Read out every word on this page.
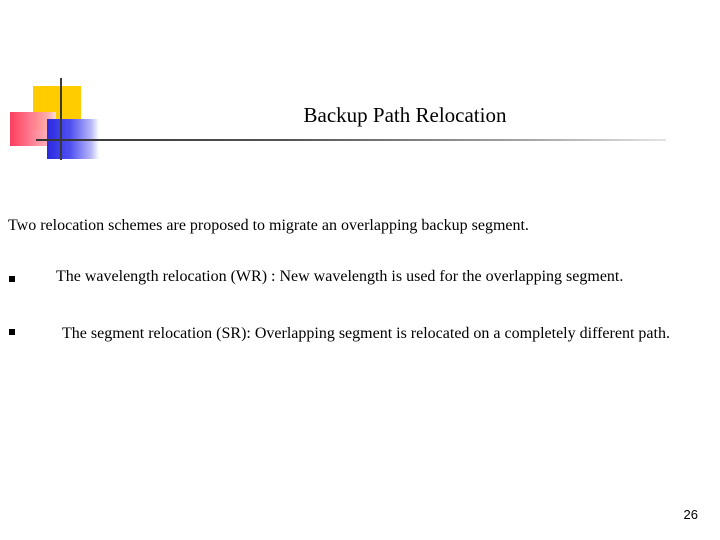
Backup Path Relocation

Two relocation schemes are proposed to migrate an overlapping backup segment.

The wavelength relocation (WR) : New wavelength is used for the overlapping segment.

The segment relocation (SR): Overlapping segment is relocated on a completely different path.

26
